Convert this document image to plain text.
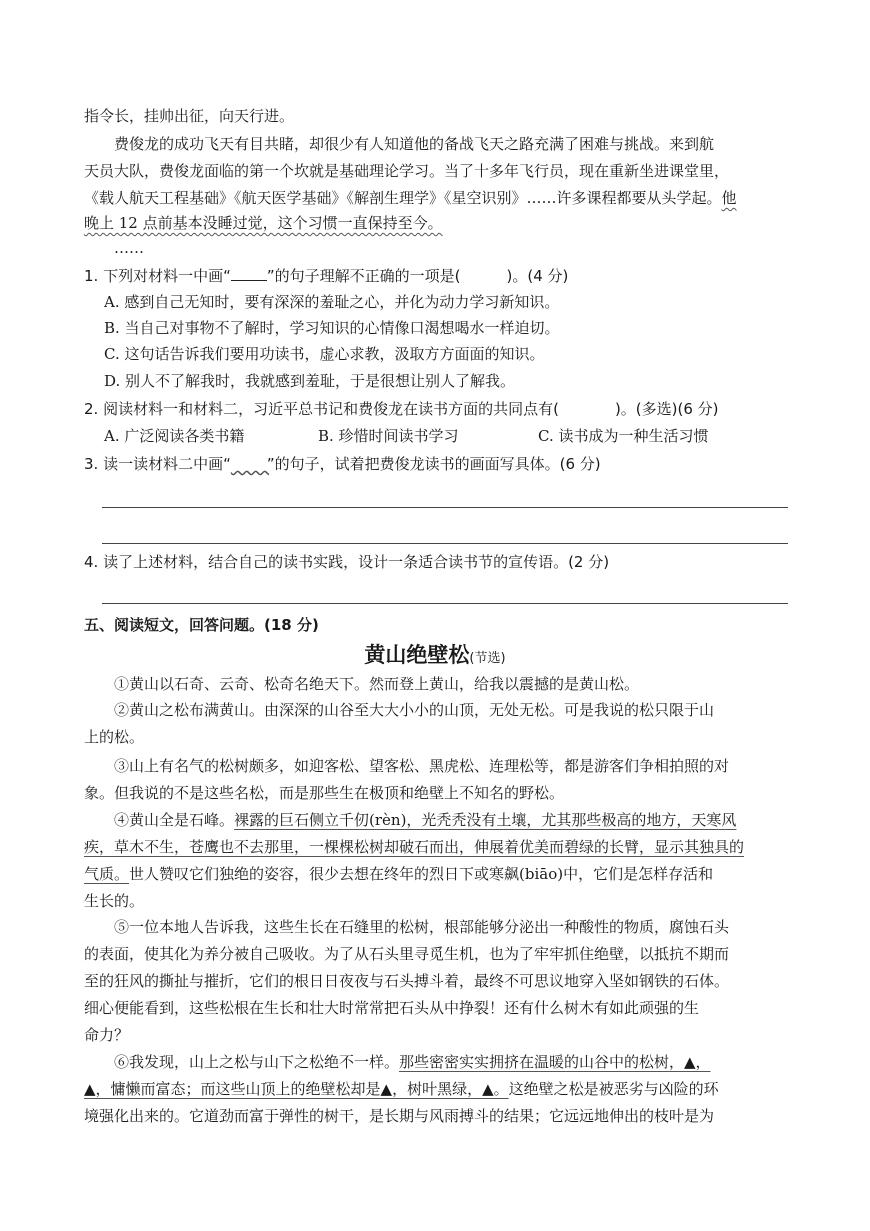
指令长，挂帅出征，向天行进。
费俊龙的成功飞天有目共睹，却很少有人知道他的备战飞天之路充满了困难与挑战。来到航
天员大队，费俊龙面临的第一个坎就是基础理论学习。当了十多年飞行员，现在重新坐进课堂里，
《载人航天工程基础》《航天医学基础》《解剖生理学》《星空识别》……许多课程都要从头学起。他
晚上 12 点前基本没睡过觉，这个习惯一直保持至今。
……
1. 下列对材料一中画“ ”的句子理解不正确的一项是(	)。(4 分)
A. 感到自己无知时，要有深深的羞耻之心，并化为动力学习新知识。
B. 当自己对事物不了解时，学习知识的心情像口渴想喝水一样迫切。
C. 这句话告诉我们要用功读书，虚心求教，汲取方方面面的知识。
D. 别人不了解我时，我就感到羞耻，于是很想让别人了解我。
2. 阅读材料一和材料二，习近平总书记和费俊龙在读书方面的共同点有(	)。(多选)(6 分)
A. 广泛阅读各类书籍	B. 珍惜时间读书学习	C. 读书成为一种生活习惯
3. 读一读材料二中画“ ”的句子，试着把费俊龙读书的画面写具体。(6 分)
4. 读了上述材料，结合自己的读书实践，设计一条适合读书节的宣传语。(2 分)
五、阅读短文，回答问题。(18 分)
黄山绝壁松(节选)
①黄山以石奇、云奇、松奇名绝天下。然而登上黄山，给我以震撼的是黄山松。
②黄山之松布满黄山。由深深的山谷至大大小小的山顶，无处无松。可是我说的松只限于山
上的松。
③山上有名气的松树颇多，如迎客松、望客松、黑虎松、连理松等，都是游客们争相拍照的对
象。但我说的不是这些名松，而是那些生在极顶和绝壁上不知名的野松。
④黄山全是石峰。裸露的巨石侧立千仞(rèn)，光秃秃没有土壤，尤其那些极高的地方，天寒风
疾，草木不生，苍鹰也不去那里，一棵棵松树却破石而出，伸展着优美而碧绿的长臂，显示其独具的
气质。世人赞叹它们独绝的姿容，很少去想在终年的烈日下或寒飙(biāo)中，它们是怎样存活和
生长的。
⑤一位本地人告诉我，这些生长在石缝里的松树，根部能够分泌出一种酸性的物质，腐蚀石头
的表面，使其化为养分被自己吸收。为了从石头里寻觅生机，也为了牢牢抓住绝壁，以抵抗不期而
至的狂风的撕扯与摧折，它们的根日日夜夜与石头搏斗着，最终不可思议地穿入坚如钢铁的石体。
细心便能看到，这些松根在生长和壮大时常常把石头从中挣裂！还有什么树木有如此顽强的生
命力？
⑥我发现，山上之松与山下之松绝不一样。那些密密实实拥挤在温暖的山谷中的松树，▲，
▲，慵懒而富态；而这些山顶上的绝壁松却是▲，树叶黑绿，▲。这绝壁之松是被恶劣与凶险的环
境强化出来的。它道劲而富于弹性的树干，是长期与风雨搏斗的结果；它远远地伸出的枝叶是为
